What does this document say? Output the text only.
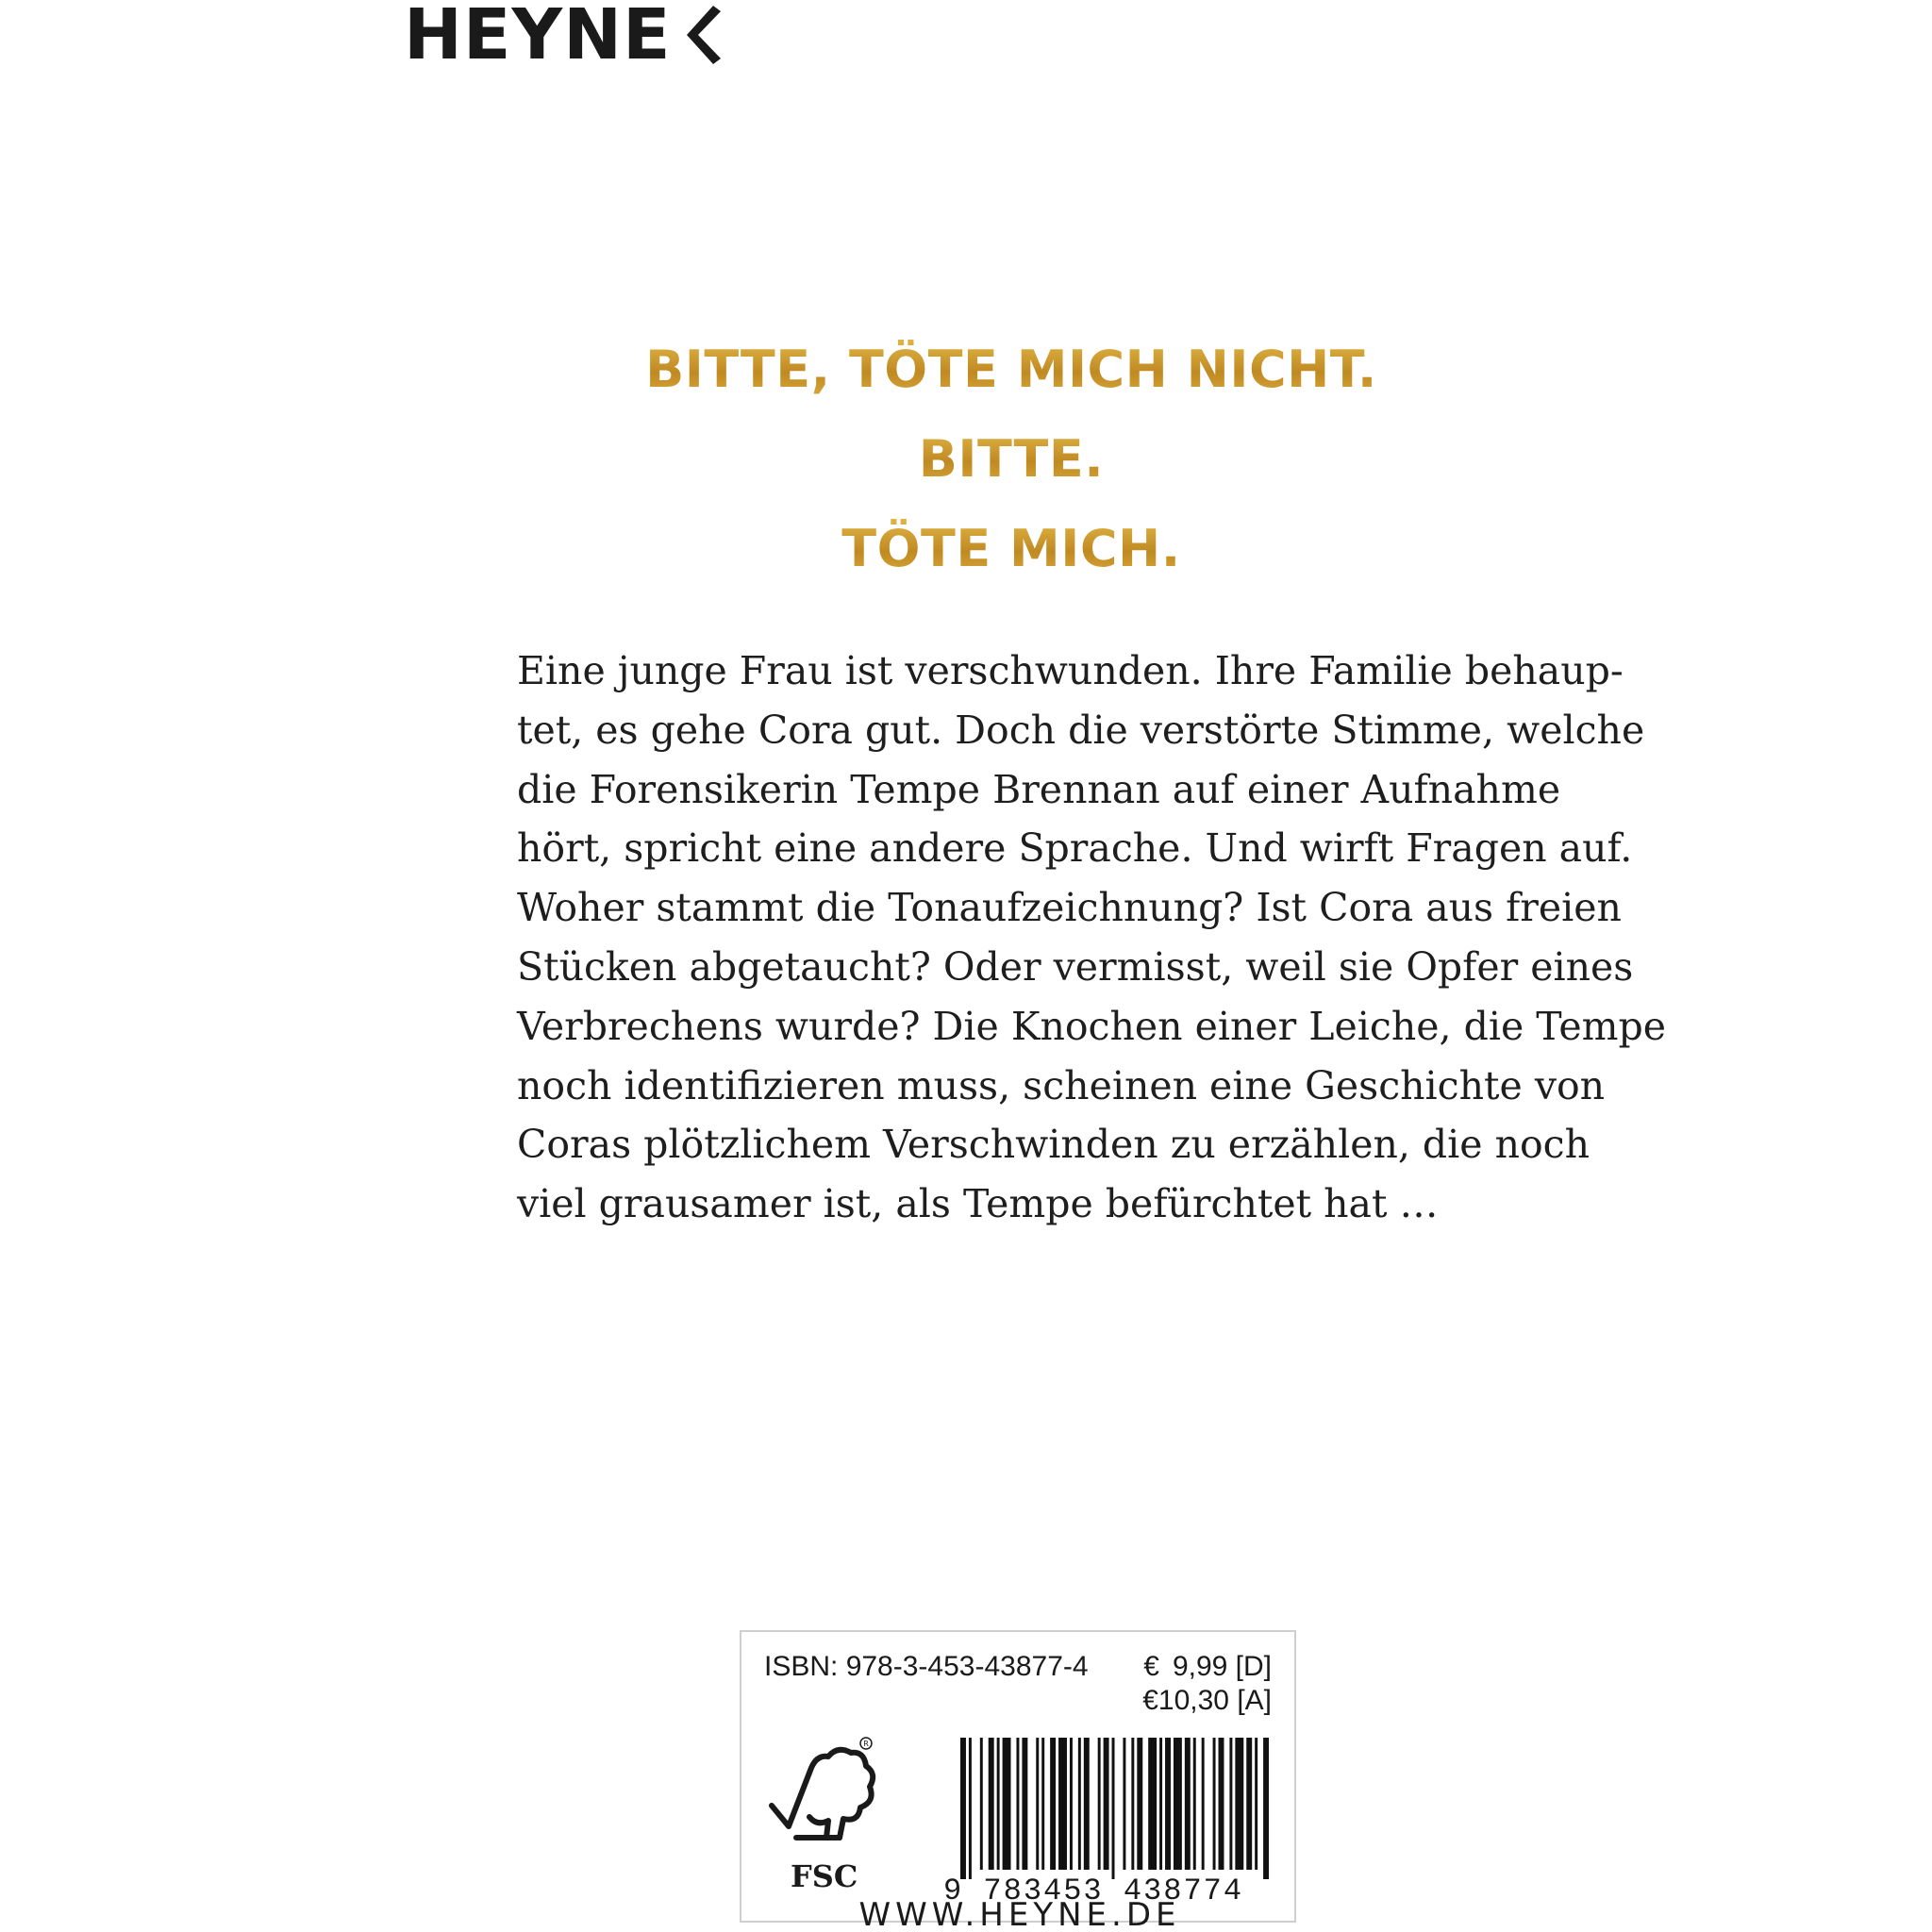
HEYNE
BITTE, TÖTE MICH NICHT.
BITTE.
TÖTE MICH.
Eine junge Frau ist verschwunden. Ihre Familie behaup-
tet, es gehe Cora gut. Doch die verstörte Stimme, welche
die Forensikerin Tempe Brennan auf einer Aufnahme
hört, spricht eine andere Sprache. Und wirft Fragen auf.
Woher stammt die Tonaufzeichnung? Ist Cora aus freien
Stücken abgetaucht? Oder vermisst, weil sie Opfer eines
Verbrechens wurde? Die Knochen einer Leiche, die Tempe
noch identifizieren muss, scheinen eine Geschichte von
Coras plötzlichem Verschwinden zu erzählen, die noch
viel grausamer ist, als Tempe befürchtet hat …
ISBN: 978-3-453-43877-4 € 9,99 [D]
€10,30 [A]
R
FSC	9 783453 438774
WWW.HEYNE.DE
